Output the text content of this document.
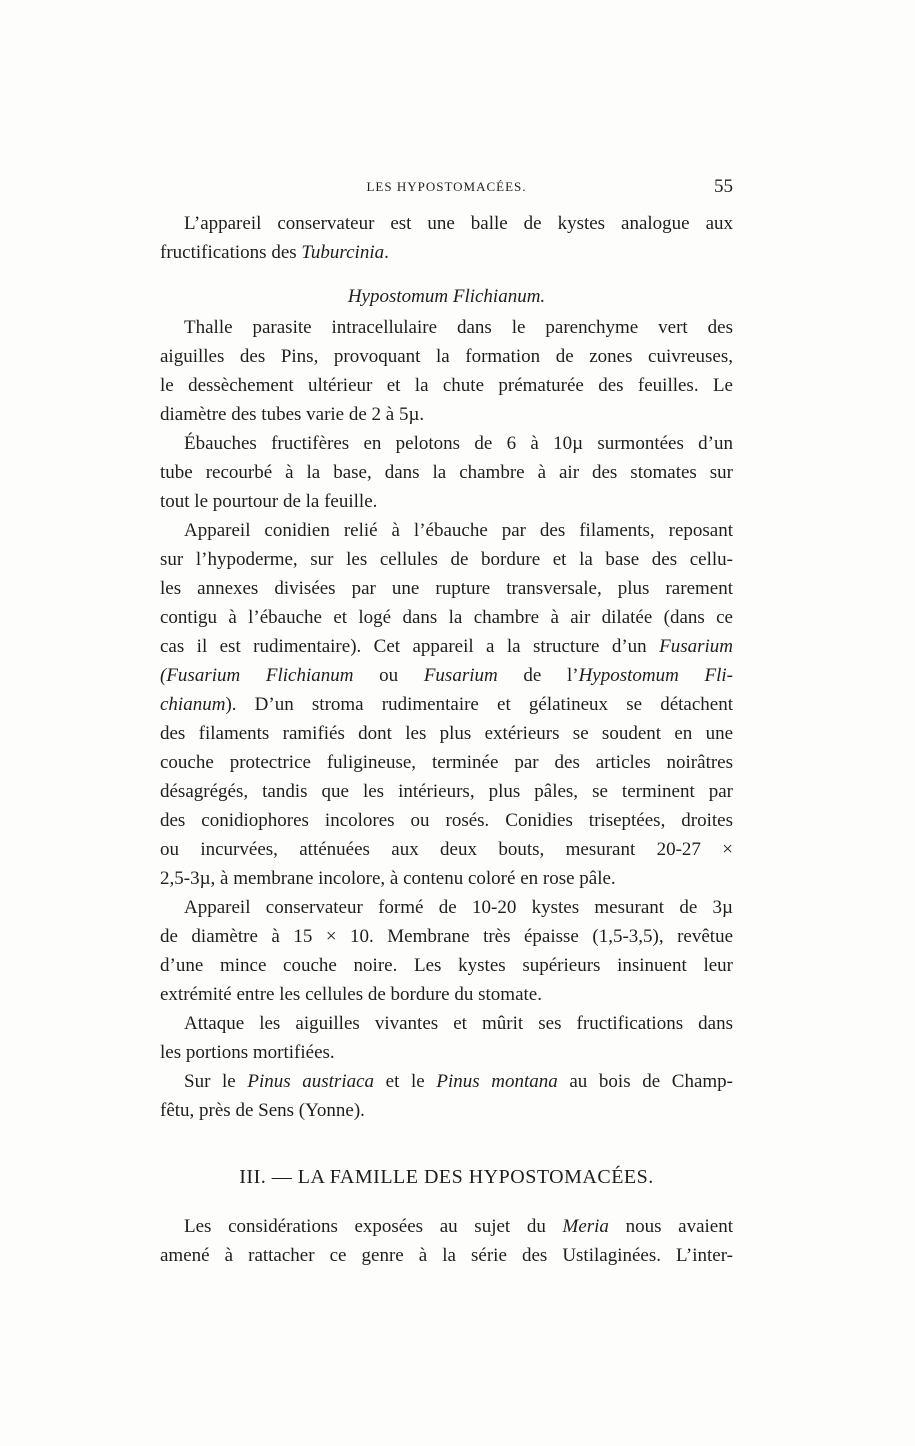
LES HYPOSTOMACÉES.	55
L’appareil conservateur est une balle de kystes analogue aux
fructifications des Tuburcinia.
Hypostomum Flichianum.
Thalle parasite intracellulaire dans le parenchyme vert des
aiguilles des Pins, provoquant la formation de zones cuivreuses,
le dessèchement ultérieur et la chute prématurée des feuilles. Le
diamètre des tubes varie de 2 à 5µ.
Ébauches fructifères en pelotons de 6 à 10µ surmontées d’un
tube recourbé à la base, dans la chambre à air des stomates sur
tout le pourtour de la feuille.
Appareil conidien relié à l’ébauche par des filaments, reposant
sur l’hypoderme, sur les cellules de bordure et la base des cellu-
les annexes divisées par une rupture transversale, plus rarement
contigu à l’ébauche et logé dans la chambre à air dilatée (dans ce
cas il est rudimentaire). Cet appareil a la structure d’un Fusarium
(Fusarium Flichianum ou Fusarium de l’Hypostomum Fli-
chianum). D’un stroma rudimentaire et gélatineux se détachent
des filaments ramifiés dont les plus extérieurs se soudent en une
couche protectrice fuligineuse, terminée par des articles noirâtres
désagrégés, tandis que les intérieurs, plus pâles, se terminent par
des conidiophores incolores ou rosés. Conidies triseptées, droites
ou incurvées, atténuées aux deux bouts, mesurant 20-27 ×
2,5-3µ, à membrane incolore, à contenu coloré en rose pâle.
Appareil conservateur formé de 10-20 kystes mesurant de 3µ
de diamètre à 15 × 10. Membrane très épaisse (1,5-3,5), revêtue
d’une mince couche noire. Les kystes supérieurs insinuent leur
extrémité entre les cellules de bordure du stomate.
Attaque les aiguilles vivantes et mûrit ses fructifications dans
les portions mortifiées.
Sur le Pinus austriaca et le Pinus montana au bois de Champ-
fêtu, près de Sens (Yonne).
III. — LA FAMILLE DES HYPOSTOMACÉES.
Les considérations exposées au sujet du Meria nous avaient
amené à rattacher ce genre à la série des Ustilaginées. L’inter-
